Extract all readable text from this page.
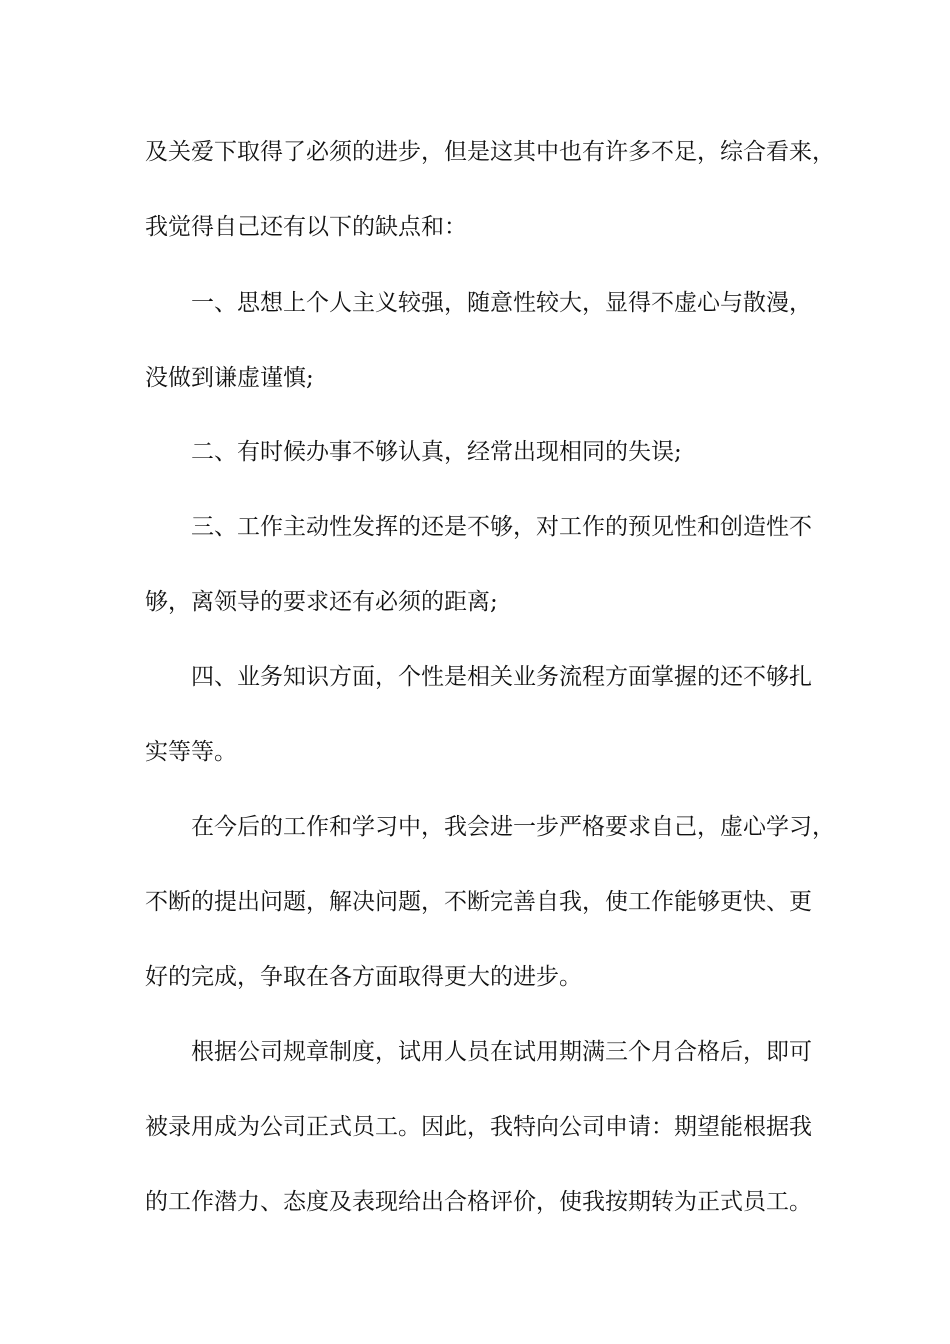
及关爱下取得了必须的进步，但是这其中也有许多不足，综合看来，
我觉得自己还有以下的缺点和：
一、思想上个人主义较强，随意性较大，显得不虚心与散漫，
没做到谦虚谨慎;
二、有时候办事不够认真，经常出现相同的失误;
三、工作主动性发挥的还是不够，对工作的预见性和创造性不
够，离领导的要求还有必须的距离;
四、业务知识方面，个性是相关业务流程方面掌握的还不够扎
实等等。
在今后的工作和学习中，我会进一步严格要求自己，虚心学习，
不断的提出问题，解决问题，不断完善自我，使工作能够更快、更
好的完成，争取在各方面取得更大的进步。
根据公司规章制度，试用人员在试用期满三个月合格后，即可
被录用成为公司正式员工。因此，我特向公司申请：期望能根据我
的工作潜力、态度及表现给出合格评价，使我按期转为正式员工。
